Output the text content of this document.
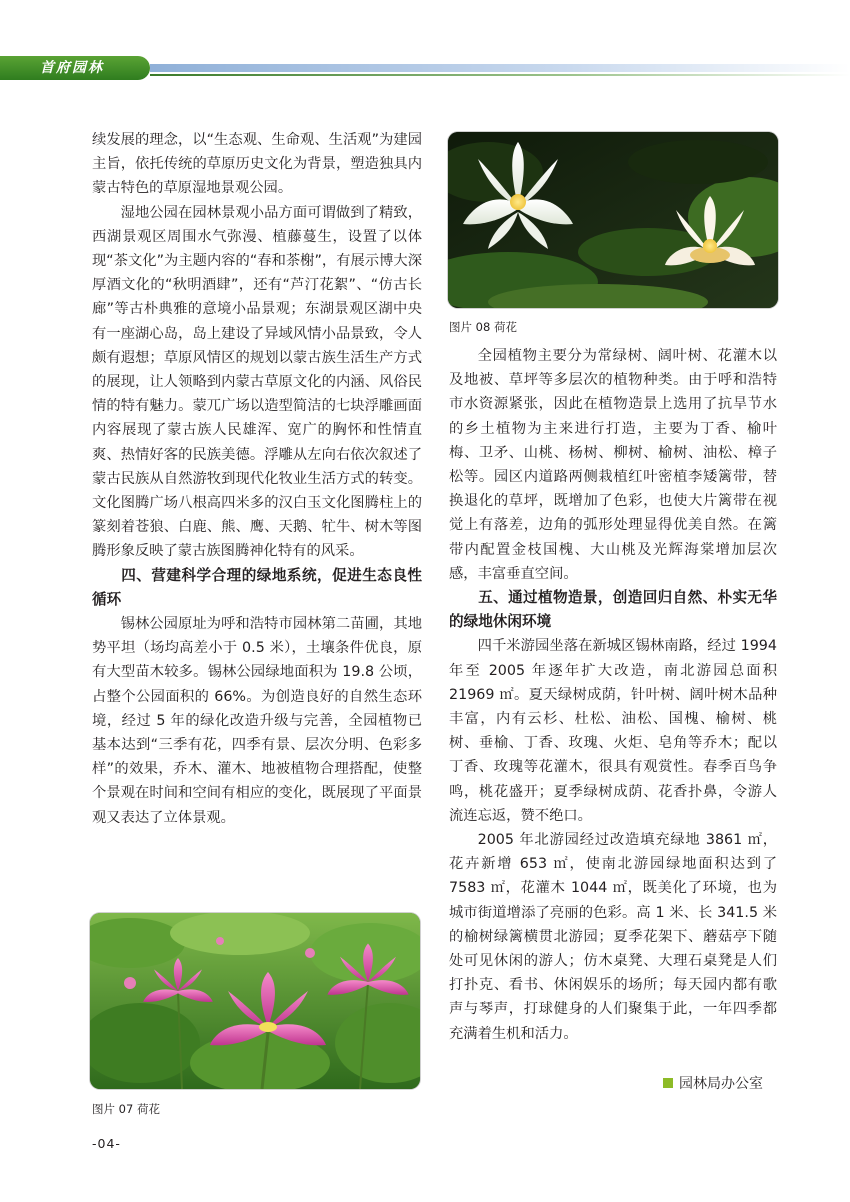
首府园林
图片 08 荷花
图片 07 荷花

续发展的理念，以“生态观、生命观、生活观”为建园主旨，依托传统的草原历史文化为背景，塑造独具内蒙古特色的草原湿地景观公园。

湿地公园在园林景观小品方面可谓做到了精致，西湖景观区周围水气弥漫、植藤蔓生，设置了以体现“茶文化”为主题内容的“春和茶榭”，有展示博大深厚酒文化的“秋明酒肆”，还有“芦汀花絮”、“仿古长廊”等古朴典雅的意境小品景观；东湖景观区湖中央有一座湖心岛，岛上建设了异域风情小品景致，令人颇有遐想；草原风情区的规划以蒙古族生活生产方式的展现，让人领略到内蒙古草原文化的内涵、风俗民情的特有魅力。蒙兀广场以造型简洁的七块浮雕画面内容展现了蒙古族人民雄浑、宽广的胸怀和性情直爽、热情好客的民族美德。浮雕从左向右依次叙述了蒙古民族从自然游牧到现代化牧业生活方式的转变。文化图腾广场八根高四米多的汉白玉文化图腾柱上的篆刻着苍狼、白鹿、熊、鹰、天鹅、牤牛、树木等图腾形象反映了蒙古族图腾神化特有的风采。

四、营建科学合理的绿地系统，促进生态良性循环

锡林公园原址为呼和浩特市园林第二苗圃，其地势平坦（场均高差小于 0.5 米），土壤条件优良，原有大型苗木较多。锡林公园绿地面积为 19.8 公顷，占整个公园面积的 66%。为创造良好的自然生态环境，经过 5 年的绿化改造升级与完善，全园植物已基本达到“三季有花，四季有景、层次分明、色彩多样”的效果，乔木、灌木、地被植物合理搭配，使整个景观在时间和空间有相应的变化，既展现了平面景观又表达了立体景观。

全园植物主要分为常绿树、阔叶树、花灌木以及地被、草坪等多层次的植物种类。由于呼和浩特市水资源紧张，因此在植物造景上选用了抗旱节水的乡土植物为主来进行打造，主要为丁香、榆叶梅、卫矛、山桃、杨树、柳树、榆树、油松、樟子松等。园区内道路两侧栽植红叶密植李矮篱带，替换退化的草坪，既增加了色彩，也使大片篱带在视觉上有落差，边角的弧形处理显得优美自然。在篱带内配置金枝国槐、大山桃及光辉海棠增加层次感，丰富垂直空间。

五、通过植物造景，创造回归自然、朴实无华的绿地休闲环境

四千米游园坐落在新城区锡林南路，经过 1994 年至 2005 年逐年扩大改造，南北游园总面积 21969 ㎡。夏天绿树成荫，针叶树、阔叶树木品种丰富，内有云杉、杜松、油松、国槐、榆树、桃树、垂榆、丁香、玫瑰、火炬、皂角等乔木；配以丁香、玫瑰等花灌木，很具有观赏性。春季百鸟争鸣，桃花盛开；夏季绿树成荫、花香扑鼻，令游人流连忘返，赞不绝口。

2005 年北游园经过改造填充绿地 3861 ㎡，花卉新增 653 ㎡，使南北游园绿地面积达到了 7583 ㎡，花灌木 1044 ㎡，既美化了环境，也为城市街道增添了亮丽的色彩。高 1 米、长 341.5 米的榆树绿篱横贯北游园；夏季花架下、蘑菇亭下随处可见休闲的游人；仿木桌凳、大理石桌凳是人们打扑克、看书、休闲娱乐的场所；每天园内都有歌声与琴声，打球健身的人们聚集于此，一年四季都充满着生机和活力。

园林局办公室
-04-
